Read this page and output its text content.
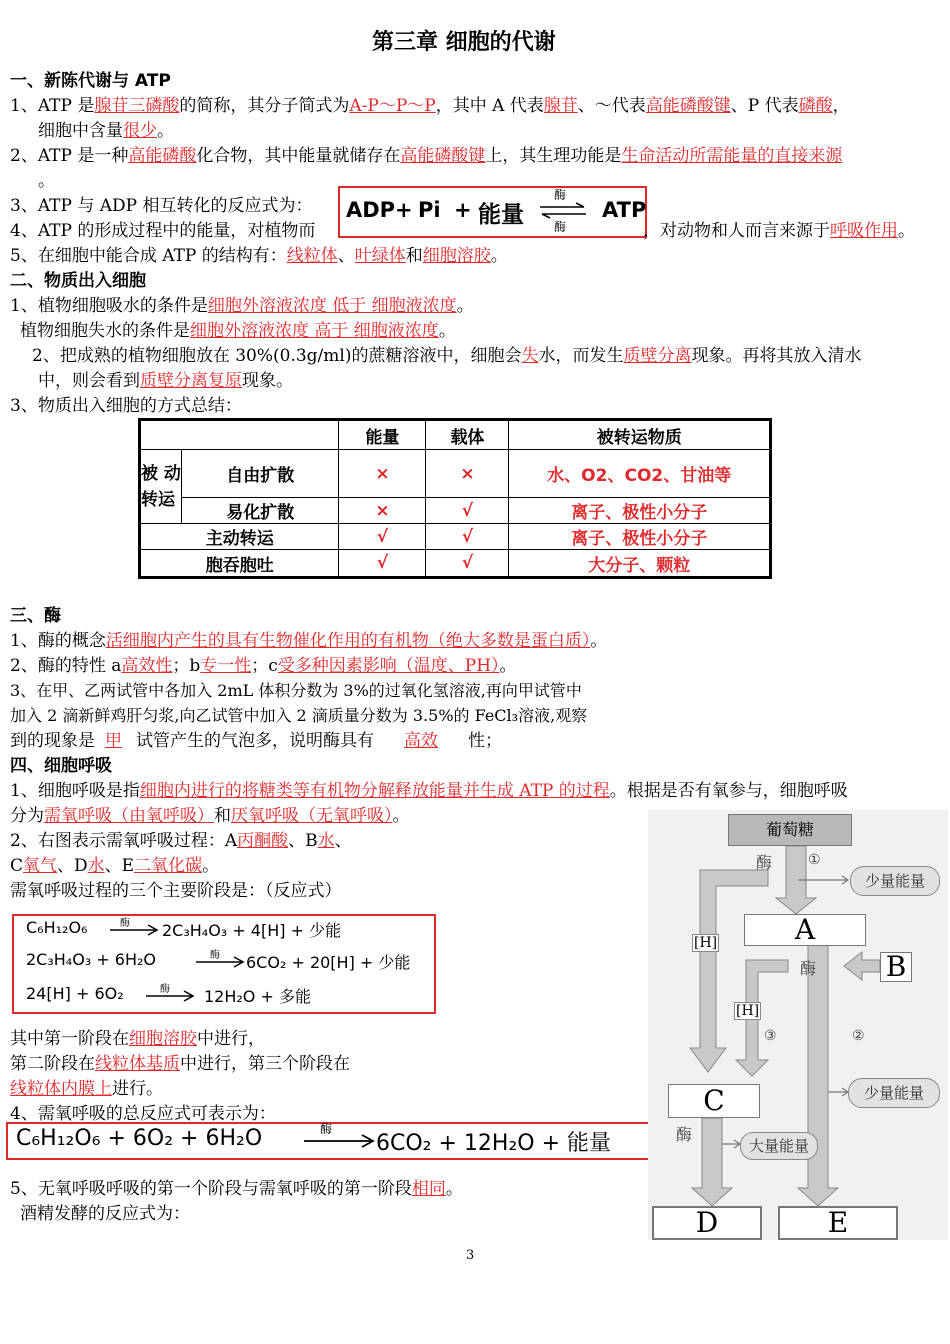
第三章 细胞的代谢
一、新陈代谢与 ATP
1、ATP 是腺苷三磷酸的简称，其分子简式为A-P～P～P，其中 A 代表腺苷、～代表高能磷酸键、P 代表磷酸，
细胞中含量很少。
2、ATP 是一种高能磷酸化合物，其中能量就储存在高能磷酸键上，其生理功能是生命活动所需能量的直接来源
。
3、ATP 与 ADP 相互转化的反应式为： ADP + Pi + 能量
酶
酶
ATP
4、ATP 的形成过程中的能量，对植物而	，对动物和人而言来源于呼吸作用。
5、在细胞中能合成 ATP 的结构有：线粒体、叶绿体和细胞溶胶。
二、物质出入细胞
1、植物细胞吸水的条件是细胞外溶液浓度 低于 细胞液浓度。
植物细胞失水的条件是细胞外溶液浓度 高于 细胞液浓度。
2、把成熟的植物细胞放在 30%(0.3g/ml)的蔗糖溶液中，细胞会失水，而发生质壁分离现象。再将其放入清水
中，则会看到质壁分离复原现象。
3、物质出入细胞的方式总结：
		能量	载体	被转运物质
被 动 转运	自由扩散	×	×	水、O2、CO2、甘油等
	易化扩散	×	√	离子、极性小分子
主动转运		√	√	离子、极性小分子
胞吞胞吐		√	√	大分子、颗粒
三、酶
1、酶的概念活细胞内产生的具有生物催化作用的有机物（绝大多数是蛋白质）。
2、酶的特性 a高效性；b专一性；c受多种因素影响（温度、PH）。
3、在甲、乙两试管中各加入 2mL 体积分数为 3%的过氧化氢溶液,再向甲试管中
加入 2 滴新鲜鸡肝匀浆,向乙试管中加入 2 滴质量分数为 3.5%的 FeCl₃溶液,观察
到的现象是 甲 试管产生的气泡多，说明酶具有 高效 性；
四、细胞呼吸
1、细胞呼吸是指细胞内进行的将糖类等有机物分解释放能量并生成 ATP 的过程。根据是否有氧参与，细胞呼吸
分为需氧呼吸（由氧呼吸）和厌氧呼吸（无氧呼吸）。
2、右图表示需氧呼吸过程：A丙酮酸、B水、
C氧气、D水、E二氧化碳。
需氧呼吸过程的三个主要阶段是：（反应式）
C₆H₁₂O₆	酶 2C₃H₄O₃ + 4[H] + 少能
2C₃H₄O₃ + 6H₂O	酶 6CO₂ + 20[H] + 少能
24[H] + 6O₂	酶 12H₂O + 多能
其中第一阶段在细胞溶胶中进行，
第二阶段在线粒体基质中进行，第三个阶段在
线粒体内膜上进行。
4、需氧呼吸的总反应式可表示为：
C₆H₁₂O₆ + 6O₂ + 6H₂O	酶
6CO₂ + 12H₂O + 能量
5、无氧呼吸呼吸的第一个阶段与需氧呼吸的第一阶段相同。
酒精发酵的反应式为：
葡萄糖
酶	①
少量能量
A
[H]
酶 B
[H]
③	②
少量能量
C
酶
大量能量
D	E
3
